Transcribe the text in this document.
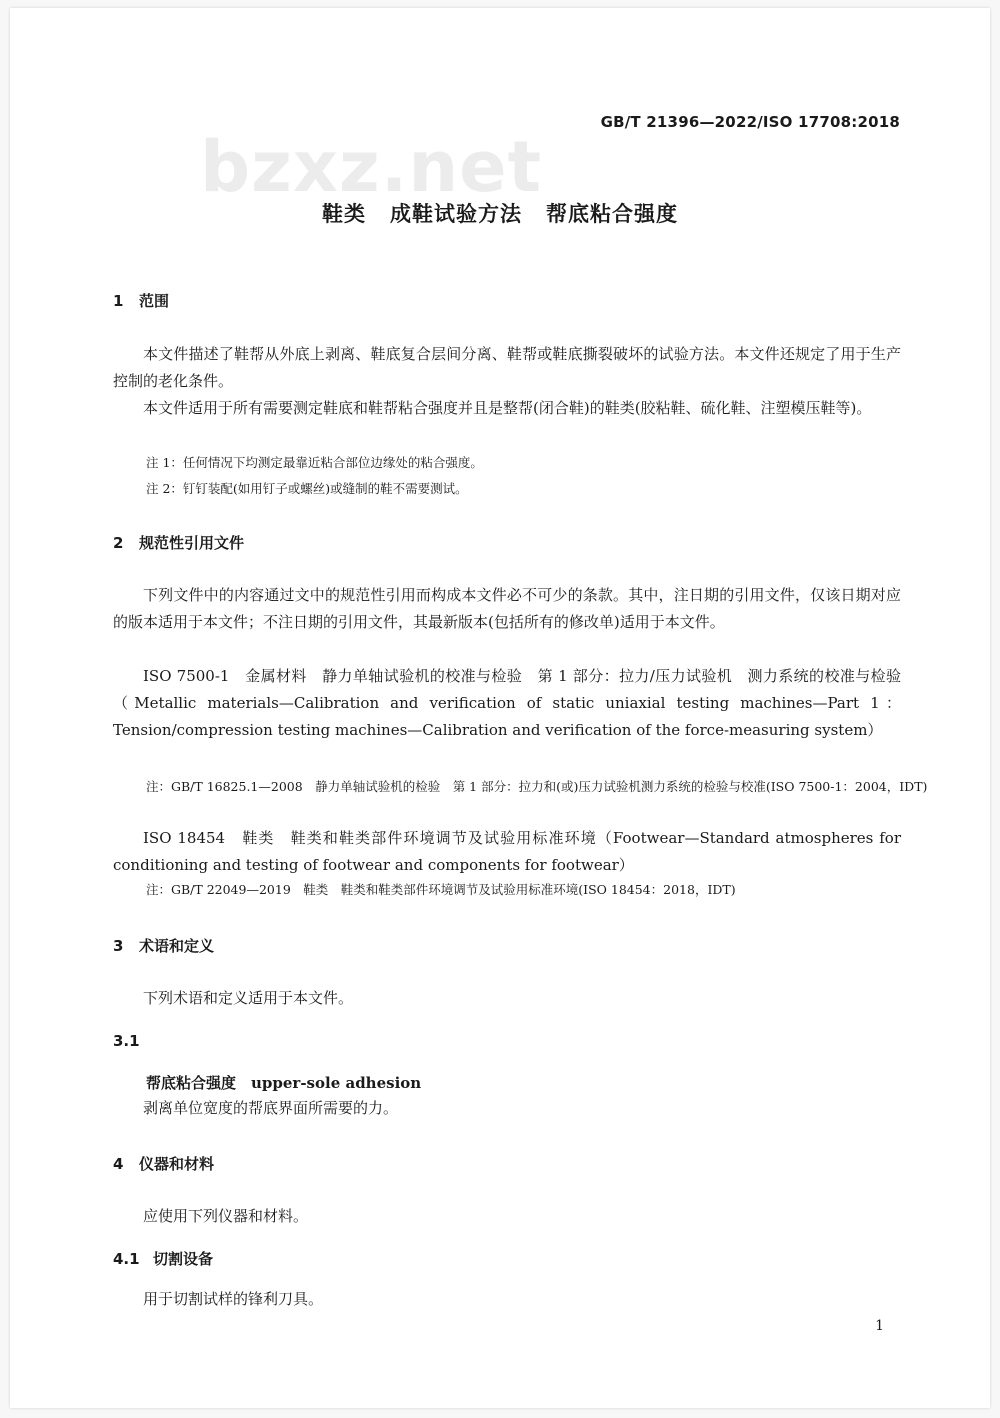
bzxz.net
GB/T 21396—2022/ISO 17708:2018
鞋类 成鞋试验方法 帮底粘合强度
1 范围
本文件描述了鞋帮从外底上剥离、鞋底复合层间分离、鞋帮或鞋底撕裂破坏的试验方法。本文件还规定了用于生产控制的老化条件。
本文件适用于所有需要测定鞋底和鞋帮粘合强度并且是整帮(闭合鞋)的鞋类(胶粘鞋、硫化鞋、注塑模压鞋等)。
注 1：任何情况下均测定最靠近粘合部位边缘处的粘合强度。
注 2：钉钉装配(如用钉子或螺丝)或缝制的鞋不需要测试。
2 规范性引用文件
下列文件中的内容通过文中的规范性引用而构成本文件必不可少的条款。其中，注日期的引用文件，仅该日期对应的版本适用于本文件；不注日期的引用文件，其最新版本(包括所有的修改单)适用于本文件。
ISO 7500-1　金属材料　静力单轴试验机的校准与检验　第 1 部分：拉力/压力试验机　测力系统的校准与检验（Metallic materials—Calibration and verification of static uniaxial testing machines—Part 1：Tension/compression testing machines—Calibration and verification of the force-measuring system）
注：GB/T 16825.1—2008　静力单轴试验机的检验　第 1 部分：拉力和(或)压力试验机测力系统的检验与校准(ISO 7500-1：2004，IDT)
ISO 18454　鞋类　鞋类和鞋类部件环境调节及试验用标准环境（Footwear—Standard atmospheres for conditioning and testing of footwear and components for footwear）
注：GB/T 22049—2019　鞋类　鞋类和鞋类部件环境调节及试验用标准环境(ISO 18454：2018，IDT)
3 术语和定义
下列术语和定义适用于本文件。
3.1
帮底粘合强度　upper-sole adhesion
剥离单位宽度的帮底界面所需要的力。
4 仪器和材料
应使用下列仪器和材料。
4.1 切割设备
用于切割试样的锋利刀具。
1
